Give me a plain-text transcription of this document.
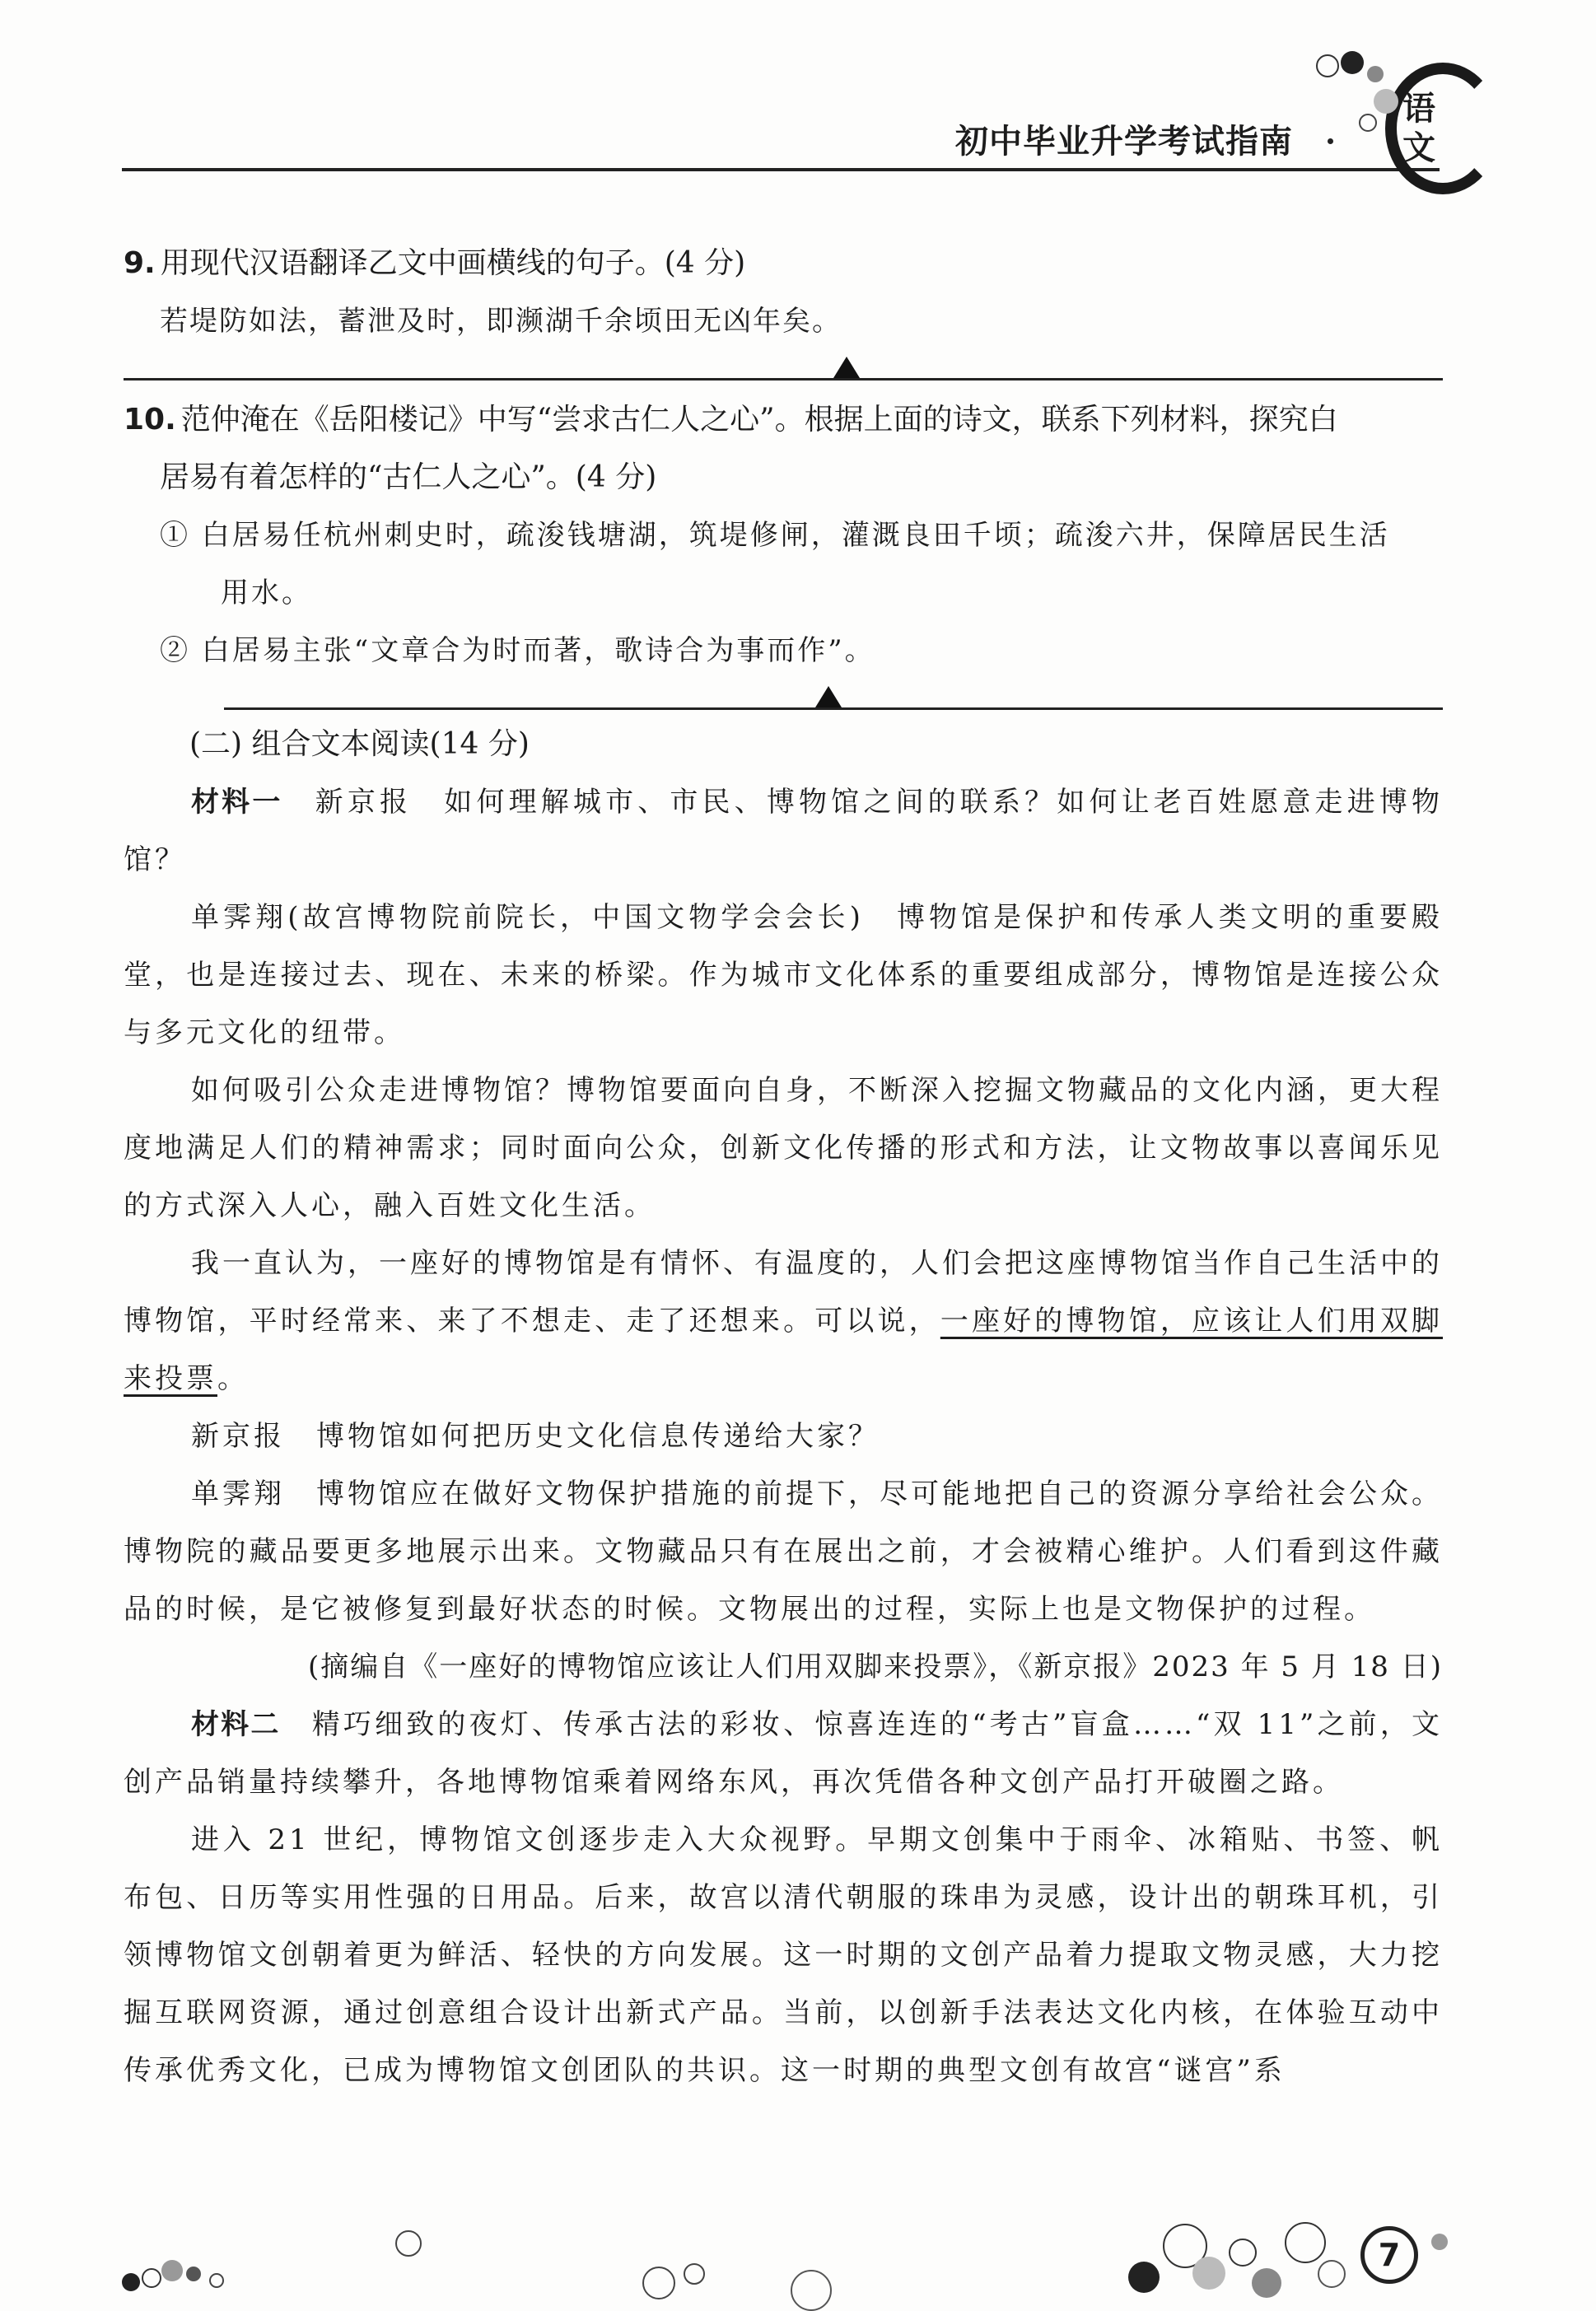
初中毕业升学考试指南
语
文

9. 用现代汉语翻译乙文中画横线的句子。(4 分)

若堤防如法，蓄泄及时，即濒湖千余顷田无凶年矣。

10. 范仲淹在《岳阳楼记》中写“尝求古仁人之心”。根据上面的诗文，联系下列材料，探究白

居易有着怎样的“古仁人之心”。(4 分)
① 白居易任杭州刺史时，疏浚钱塘湖，筑堤修闸，灌溉良田千顷；疏浚六井，保障居民生活
用水。
② 白居易主张“文章合为时而著，歌诗合为事而作”。
(二) 组合文本阅读(14 分)
材料一　 新京报　如何理解城市、市民、博物馆之间的联系？如何让老百姓愿意走进博物馆？
单霁翔(故宫博物院前院长，中国文物学会会长)　博物馆是保护和传承人类文明的重要殿堂，也是连接过去、现在、未来的桥梁。作为城市文化体系的重要组成部分，博物馆是连接公众与多元文化的纽带。
如何吸引公众走进博物馆？博物馆要面向自身，不断深入挖掘文物藏品的文化内涵，更大程度地满足人们的精神需求；同时面向公众，创新文化传播的形式和方法，让文物故事以喜闻乐见的方式深入人心，融入百姓文化生活。
我一直认为，一座好的博物馆是有情怀、有温度的，人们会把这座博物馆当作自己生活中的博物馆，平时经常来、来了不想走、走了还想来。可以说，一座好的博物馆，应该让人们用双脚来投票。
新京报　博物馆如何把历史文化信息传递给大家？
单霁翔　博物馆应在做好文物保护措施的前提下，尽可能地把自己的资源分享给社会公众。博物院的藏品要更多地展示出来。文物藏品只有在展出之前，才会被精心维护。人们看到这件藏品的时候，是它被修复到最好状态的时候。文物展出的过程，实际上也是文物保护的过程。
(摘编自《一座好的博物馆应该让人们用双脚来投票》，《新京报》2023 年 5 月 18 日)
材料二　 精巧细致的夜灯、传承古法的彩妆、惊喜连连的“考古”盲盒……“双 11”之前，文创产品销量持续攀升，各地博物馆乘着网络东风，再次凭借各种文创产品打开破圈之路。
进入 21 世纪，博物馆文创逐步走入大众视野。早期文创集中于雨伞、冰箱贴、书签、帆布包、日历等实用性强的日用品。后来，故宫以清代朝服的珠串为灵感，设计出的朝珠耳机，引领博物馆文创朝着更为鲜活、轻快的方向发展。这一时期的文创产品着力提取文物灵感，大力挖掘互联网资源，通过创意组合设计出新式产品。当前，以创新手法表达文化内核，在体验互动中传承优秀文化，已成为博物馆文创团队的共识。这一时期的典型文创有故宫“谜宫”系
7
